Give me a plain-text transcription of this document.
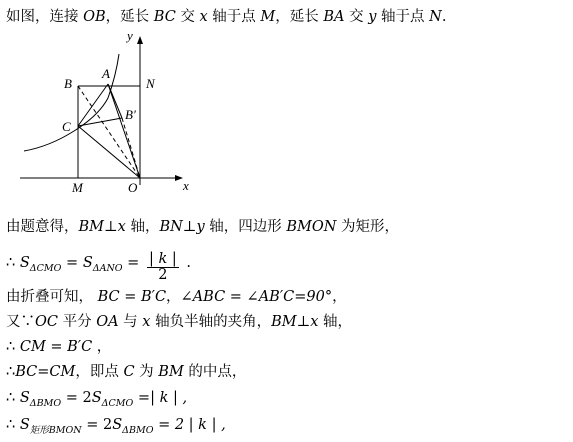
如图，连接 OB，延长 BC 交 x 轴于点 M，延长 BA 交 y 轴于点 N.
y
x
B
A
N
B′
C
M	O
由题意得，BM⊥x 轴，BN⊥y 轴，四边形 BMON 为矩形，
∴ $S_{\Delta CMO} = S_{\Delta ANO} = \frac{| k |}{2}$ .
由折叠可知， BC = B′C，∠ABC = ∠AB′C=90°，
又∵OC 平分 OA 与 x 轴负半轴的夹角，BM⊥x 轴，
∴ CM = B′C ，
∴BC=CM，即点 C 为 BM 的中点，
∴ $S_{\Delta BMO} = 2S_{\Delta CMO}$ =| k | ,
∴ $S_{矩形BMON} = 2S_{\Delta BMO} = 2$ | k | ,
